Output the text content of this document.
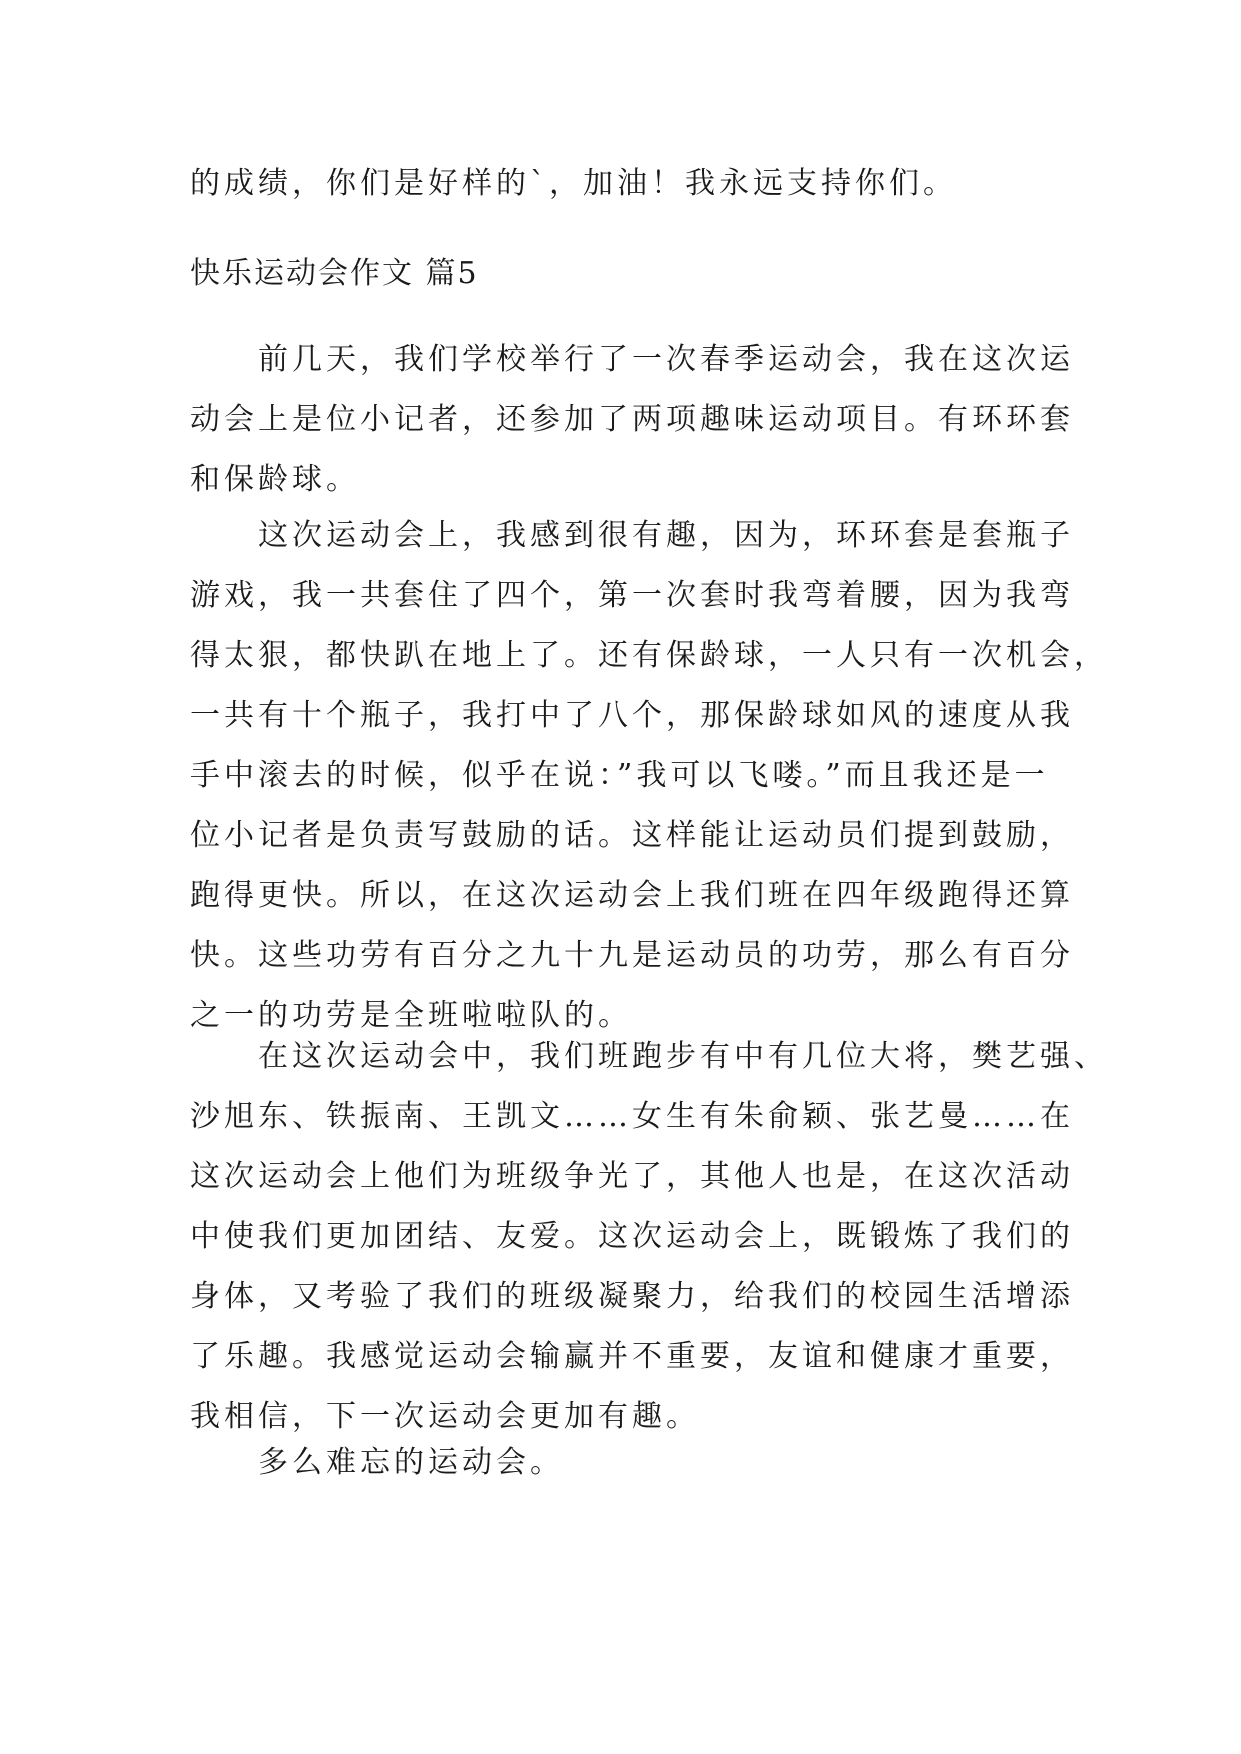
的成绩，你们是好样的`，加油！我永远支持你们。

快乐运动会作文 篇5

前几天，我们学校举行了一次春季运动会，我在这次运
动会上是位小记者，还参加了两项趣味运动项目。有环环套
和保龄球。

这次运动会上，我感到很有趣，因为，环环套是套瓶子
游戏，我一共套住了四个，第一次套时我弯着腰，因为我弯
得太狠，都快趴在地上了。还有保龄球，一人只有一次机会，
一共有十个瓶子，我打中了八个，那保龄球如风的速度从我
手中滚去的时候，似乎在说：”我可以飞喽。”而且我还是一
位小记者是负责写鼓励的话。这样能让运动员们提到鼓励，
跑得更快。所以，在这次运动会上我们班在四年级跑得还算
快。这些功劳有百分之九十九是运动员的功劳，那么有百分
之一的功劳是全班啦啦队的。

在这次运动会中，我们班跑步有中有几位大将，樊艺强、
沙旭东、铁振南、王凯文……女生有朱俞颖、张艺曼……在
这次运动会上他们为班级争光了，其他人也是，在这次活动
中使我们更加团结、友爱。这次运动会上，既锻炼了我们的
身体，又考验了我们的班级凝聚力，给我们的校园生活增添
了乐趣。我感觉运动会输赢并不重要，友谊和健康才重要，
我相信，下一次运动会更加有趣。

多么难忘的运动会。
